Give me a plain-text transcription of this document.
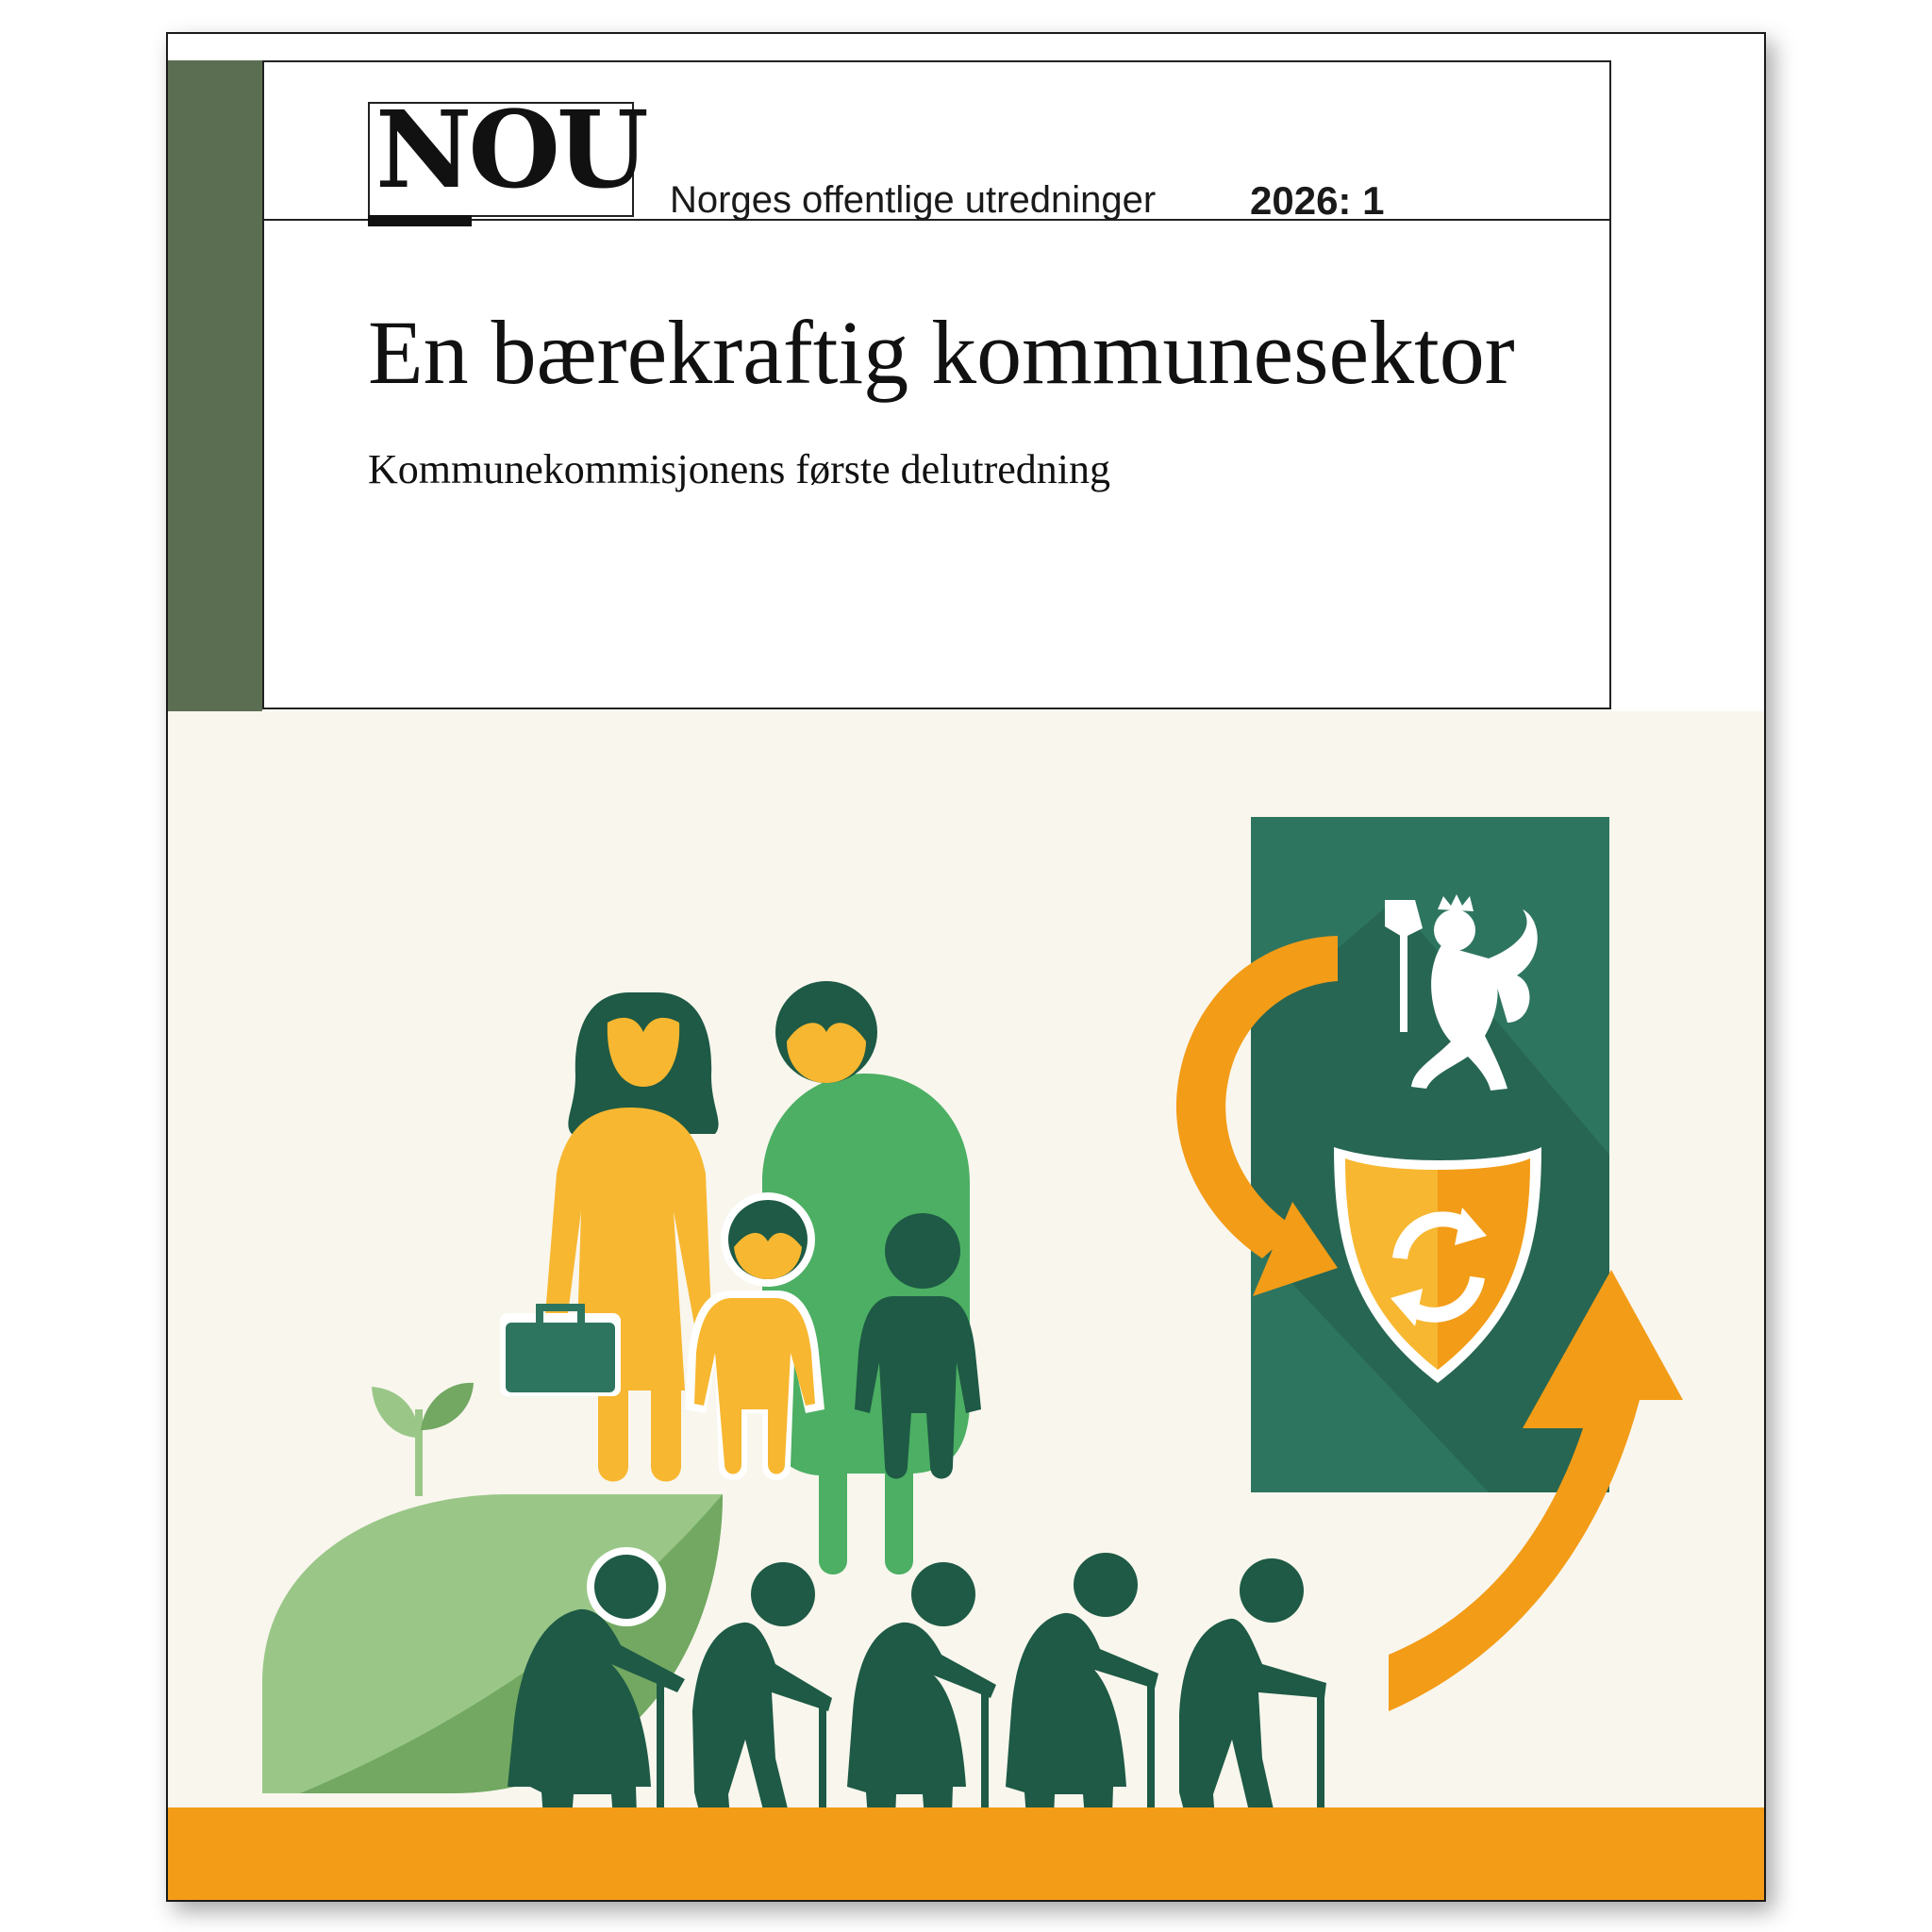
NOU Norges offentlige utredninger 2026: 1
En bærekraftig kommunesektor
Kommunekommisjonens første delutredning
